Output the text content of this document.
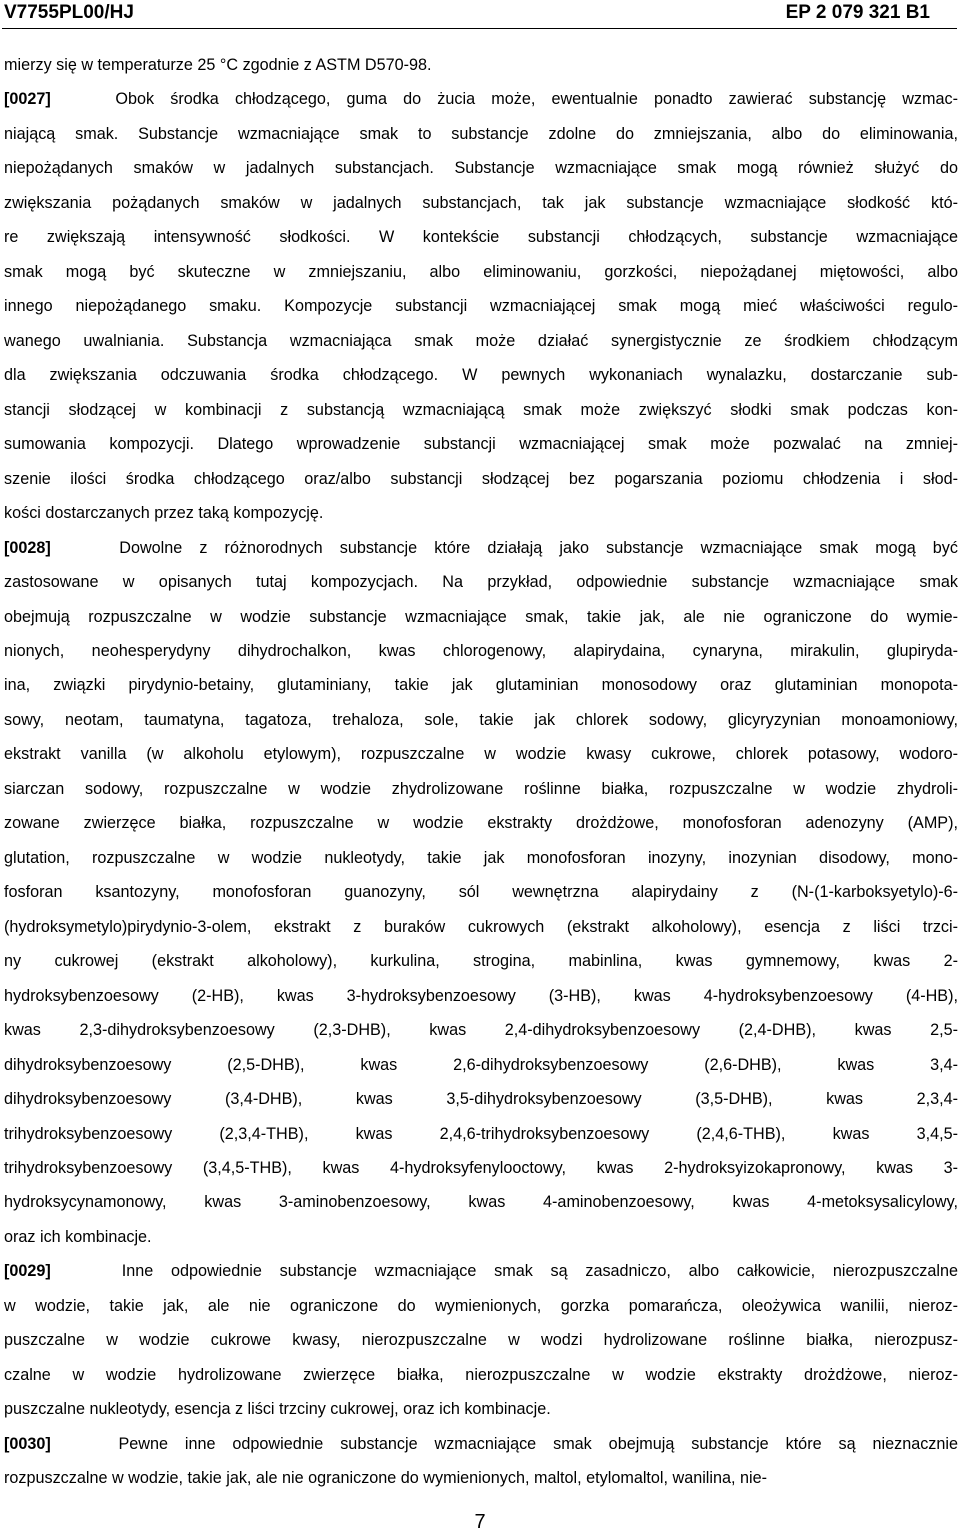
V7755PL00/HJ	EP 2 079 321 B1
mierzy się w temperaturze 25 °C zgodnie z ASTM D570-98.
[0027]	Obok środka chłodzącego, guma do żucia może, ewentualnie ponadto zawierać substancję wzmac-
niającą smak. Substancje wzmacniające smak to substancje zdolne do zmniejszania, albo do eliminowania,
niepożądanych smaków w jadalnych substancjach. Substancje wzmacniające smak mogą również służyć do
zwiększania pożądanych smaków w jadalnych substancjach, tak jak substancje wzmacniające słodkość któ-
re zwiększają intensywność słodkości. W kontekście substancji chłodzących, substancje wzmacniające
smak mogą być skuteczne w zmniejszaniu, albo eliminowaniu, gorzkości, niepożądanej miętowości, albo
innego niepożądanego smaku. Kompozycje substancji wzmacniającej smak mogą mieć właściwości regulo-
wanego uwalniania. Substancja wzmacniająca smak może działać synergistycznie ze środkiem chłodzącym
dla zwiększania odczuwania środka chłodzącego. W pewnych wykonaniach wynalazku, dostarczanie sub-
stancji słodzącej w kombinacji z substancją wzmacniającą smak może zwiększyć słodki smak podczas kon-
sumowania kompozycji. Dlatego wprowadzenie substancji wzmacniającej smak może pozwalać na zmniej-
szenie ilości środka chłodzącego oraz/albo substancji słodzącej bez pogarszania poziomu chłodzenia i słod-
kości dostarczanych przez taką kompozycję.
[0028]	Dowolne z różnorodnych substancje które działają jako substancje wzmacniające smak mogą być
zastosowane w opisanych tutaj kompozycjach. Na przykład, odpowiednie substancje wzmacniające smak
obejmują rozpuszczalne w wodzie substancje wzmacniające smak, takie jak, ale nie ograniczone do wymie-
nionych, neohesperydyny dihydrochalkon, kwas chlorogenowy, alapirydaina, cynaryna, mirakulin, glupiryda-
ina, związki pirydynio-betainy, glutaminiany, takie jak glutaminian monosodowy oraz glutaminian monopota-
sowy, neotam, taumatyna, tagatoza, trehaloza, sole, takie jak chlorek sodowy, glicyryzynian monoamoniowy,
ekstrakt vanilla (w alkoholu etylowym), rozpuszczalne w wodzie kwasy cukrowe, chlorek potasowy, wodoro-
siarczan sodowy, rozpuszczalne w wodzie zhydrolizowane roślinne białka, rozpuszczalne w wodzie zhydroli-
zowane zwierzęce białka, rozpuszczalne w wodzie ekstrakty drożdżowe, monofosforan adenozyny (AMP),
glutation, rozpuszczalne w wodzie nukleotydy, takie jak monofosforan inozyny, inozynian disodowy, mono-
fosforan ksantozyny, monofosforan guanozyny, sól wewnętrzna alapirydainy z (N-(1-karboksyetylo)-6-
(hydroksymetylo)pirydynio-3-olem, ekstrakt z buraków cukrowych (ekstrakt alkoholowy), esencja z liści trzci-
ny cukrowej (ekstrakt alkoholowy), kurkulina, strogina, mabinlina, kwas gymnemowy, kwas 2-
hydroksybenzoesowy (2-HB), kwas 3-hydroksybenzoesowy (3-HB), kwas 4-hydroksybenzoesowy (4-HB),
kwas 2,3-dihydroksybenzoesowy (2,3-DHB), kwas 2,4-dihydroksybenzoesowy (2,4-DHB), kwas 2,5-
dihydroksybenzoesowy (2,5-DHB), kwas 2,6-dihydroksybenzoesowy (2,6-DHB), kwas 3,4-
dihydroksybenzoesowy (3,4-DHB), kwas 3,5-dihydroksybenzoesowy (3,5-DHB), kwas 2,3,4-
trihydroksybenzoesowy (2,3,4-THB), kwas 2,4,6-trihydroksybenzoesowy (2,4,6-THB), kwas 3,4,5-
trihydroksybenzoesowy (3,4,5-THB), kwas 4-hydroksyfenylooctowy, kwas 2-hydroksyizokapronowy, kwas 3-
hydroksycynamonowy, kwas 3-aminobenzoesowy, kwas 4-aminobenzoesowy, kwas 4-metoksysalicylowy,
oraz ich kombinacje.
[0029]	Inne odpowiednie substancje wzmacniające smak są zasadniczo, albo całkowicie, nierozpuszczalne
w wodzie, takie jak, ale nie ograniczone do wymienionych, gorzka pomarańcza, oleożywica wanilii, nieroz-
puszczalne w wodzie cukrowe kwasy, nierozpuszczalne w wodzi hydrolizowane roślinne białka, nierozpusz-
czalne w wodzie hydrolizowane zwierzęce białka, nierozpuszczalne w wodzie ekstrakty drożdżowe, nieroz-
puszczalne nukleotydy, esencja z liści trzciny cukrowej, oraz ich kombinacje.
[0030]	Pewne inne odpowiednie substancje wzmacniające smak obejmują substancje które są nieznacznie
rozpuszczalne w wodzie, takie jak, ale nie ograniczone do wymienionych, maltol, etylomaltol, wanilina, nie-
7
